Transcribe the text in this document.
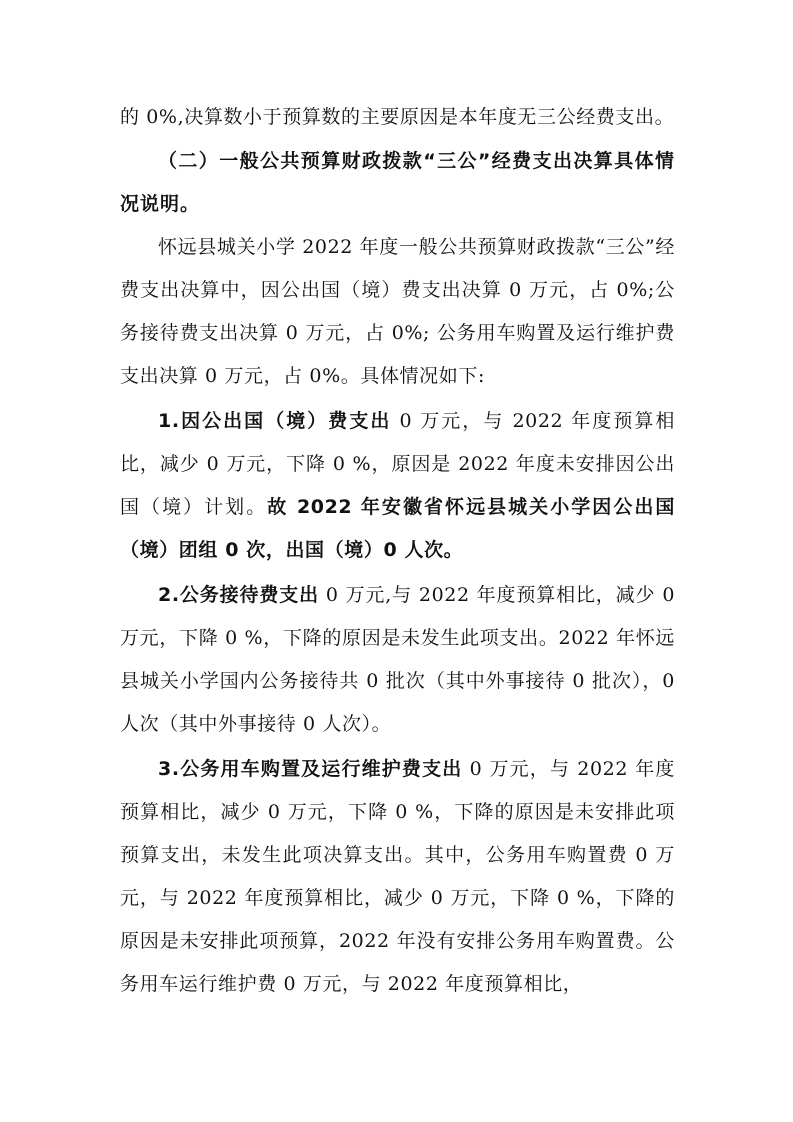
的 0%,决算数小于预算数的主要原因是本年度无三公经费支出。

（二）一般公共预算财政拨款“三公”经费支出决算具体情况说明。

怀远县城关小学 2022 年度一般公共预算财政拨款“三公”经费支出决算中，因公出国（境）费支出决算 0 万元，占 0%;公务接待费支出决算 0 万元，占 0%; 公务用车购置及运行维护费支出决算 0 万元，占 0%。具体情况如下:

1.因公出国（境）费支出 0 万元，与 2022 年度预算相比，减少 0 万元，下降 0 %，原因是 2022 年度未安排因公出国（境）计划。故 2022 年安徽省怀远县城关小学因公出国（境）团组 0 次，出国（境）0 人次。

2.公务接待费支出 0 万元,与 2022 年度预算相比，减少 0 万元，下降 0 %，下降的原因是未发生此项支出。2022 年怀远县城关小学国内公务接待共 0 批次（其中外事接待 0 批次），0 人次（其中外事接待 0 人次）。

3.公务用车购置及运行维护费支出 0 万元，与 2022 年度预算相比，减少 0 万元，下降 0 %，下降的原因是未安排此项预算支出，未发生此项决算支出。其中，公务用车购置费 0 万元，与 2022 年度预算相比，减少 0 万元，下降 0 %，下降的原因是未安排此项预算，2022 年没有安排公务用车购置费。公务用车运行维护费 0 万元，与 2022 年度预算相比，
